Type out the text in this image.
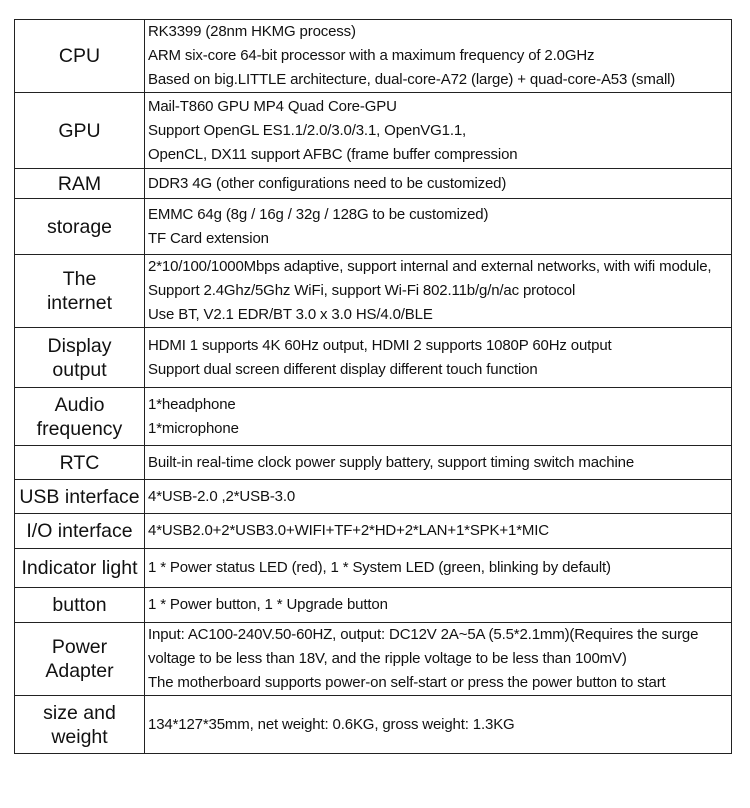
CPU	RK3399 (28nm HKMG process)
ARM six-core 64-bit processor with a maximum frequency of 2.0GHz
Based on big.LITTLE architecture, dual-core-A72 (large) + quad-core-A53 (small)

GPU	Mail-T860 GPU MP4 Quad Core-GPU
Support OpenGL ES1.1/2.0/3.0/3.1, OpenVG1.1,
OpenCL, DX11 support AFBC (frame buffer compression

RAM	DDR3 4G (other configurations need to be customized)

storage	EMMC 64g (8g / 16g / 32g / 128G to be customized)
TF Card extension

The
internet	2*10/100/1000Mbps adaptive, support internal and external networks, with wifi module,
Support 2.4Ghz/5Ghz WiFi, support Wi-Fi 802.11b/g/n/ac protocol
Use BT, V2.1 EDR/BT 3.0 x 3.0 HS/4.0/BLE

Display
output	HDMI 1 supports 4K 60Hz output, HDMI 2 supports 1080P 60Hz output
Support dual screen different display different touch function

Audio
frequency	1*headphone
1*microphone

RTC	Built-in real-time clock power supply battery, support timing switch machine

USB interface	4*USB-2.0 ,2*USB-3.0

I/O interface	4*USB2.0+2*USB3.0+WIFI+TF+2*HD+2*LAN+1*SPK+1*MIC

Indicator light	1 * Power status LED (red), 1 * System LED (green, blinking by default)

button	1 * Power button, 1 * Upgrade button

Power
Adapter	Input: AC100-240V.50-60HZ, output: DC12V 2A~5A (5.5*2.1mm)(Requires the surge
voltage to be less than 18V, and the ripple voltage to be less than 100mV)
The motherboard supports power-on self-start or press the power button to start

size and
weight	134*127*35mm, net weight: 0.6KG, gross weight: 1.3KG
